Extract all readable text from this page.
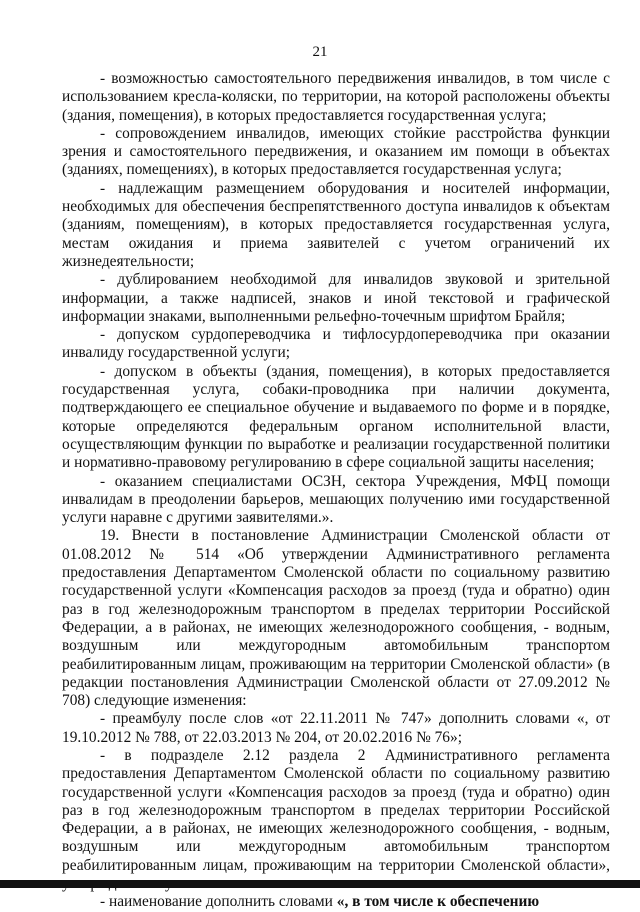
21

- возможностью самостоятельного передвижения инвалидов, в том числе с использованием кресла-коляски, по территории, на которой расположены объекты (здания, помещения), в которых предоставляется государственная услуга;

- сопровождением инвалидов, имеющих стойкие расстройства функции зрения и самостоятельного передвижения, и оказанием им помощи в объектах (зданиях, помещениях), в которых предоставляется государственная услуга;

- надлежащим размещением оборудования и носителей информации, необходимых для обеспечения беспрепятственного доступа инвалидов к объектам (зданиям, помещениям), в которых предоставляется государственная услуга, местам ожидания и приема заявителей с учетом ограничений их жизнедеятельности;

- дублированием необходимой для инвалидов звуковой и зрительной информации, а также надписей, знаков и иной текстовой и графической информации знаками, выполненными рельефно-точечным шрифтом Брайля;

- допуском сурдопереводчика и тифлосурдопереводчика при оказании инвалиду государственной услуги;

- допуском в объекты (здания, помещения), в которых предоставляется государственная услуга, собаки-проводника при наличии документа, подтверждающего ее специальное обучение и выдаваемого по форме и в порядке, которые определяются федеральным органом исполнительной власти, осуществляющим функции по выработке и реализации государственной политики и нормативно-правовому регулированию в сфере социальной защиты населения;

- оказанием специалистами ОСЗН, сектора Учреждения, МФЦ помощи инвалидам в преодолении барьеров, мешающих получению ими государственной услуги наравне с другими заявителями.».

19. Внести в постановление Администрации Смоленской области от 01.08.2012 № 514 «Об утверждении Административного регламента предоставления Департаментом Смоленской области по социальному развитию государственной услуги «Компенсация расходов за проезд (туда и обратно) один раз в год железнодорожным транспортом в пределах территории Российской Федерации, а в районах, не имеющих железнодорожного сообщения, - водным, воздушным или междугородным автомобильным транспортом реабилитированным лицам, проживающим на территории Смоленской области» (в редакции постановления Администрации Смоленской области от 27.09.2012 № 708) следующие изменения:

- преамбулу после слов «от 22.11.2011 № 747» дополнить словами «, от 19.10.2012 № 788, от 22.03.2013 № 204, от 20.02.2016 № 76»;

- в подразделе 2.12 раздела 2 Административного регламента предоставления Департаментом Смоленской области по социальному развитию государственной услуги «Компенсация расходов за проезд (туда и обратно) один раз в год железнодорожным транспортом в пределах территории Российской Федерации, а в районах, не имеющих железнодорожного сообщения, - водным, воздушным или междугородным автомобильным транспортом реабилитированным лицам, проживающим на территории Смоленской области»,

- наименование дополнить словами «, в том числе к обеспечению
